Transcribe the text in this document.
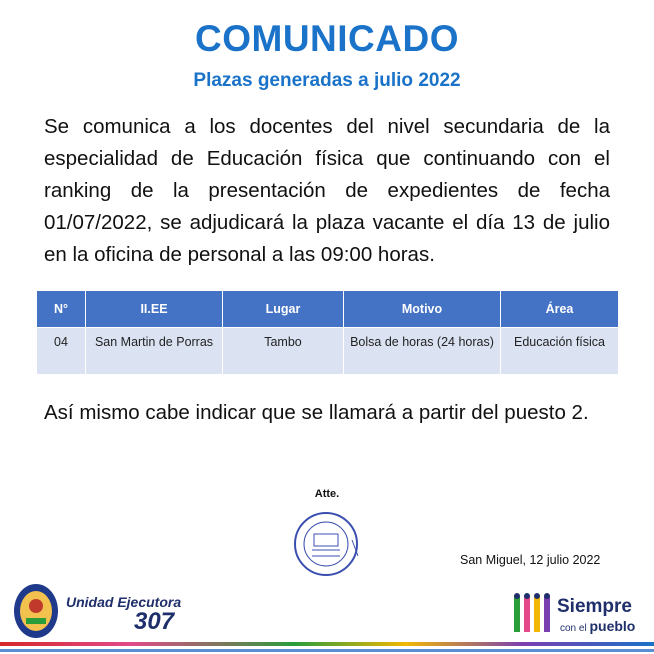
COMUNICADO
Plazas generadas a julio 2022
Se comunica a los docentes del nivel secundaria de la especialidad de Educación física que continuando con el ranking de la presentación de expedientes de fecha 01/07/2022, se adjudicará la plaza vacante el día 13 de julio en la oficina de personal a las 09:00 horas.
N°	II.EE	Lugar	Motivo	Área
04	San Martin de Porras	Tambo	Bolsa de horas (24 horas)	Educación física
Así mismo cabe indicar que se llamará a partir del puesto 2.
Atte.
San Miguel, 12 julio 2022
Unidad Ejecutora
307
Siempre
con el pueblo
